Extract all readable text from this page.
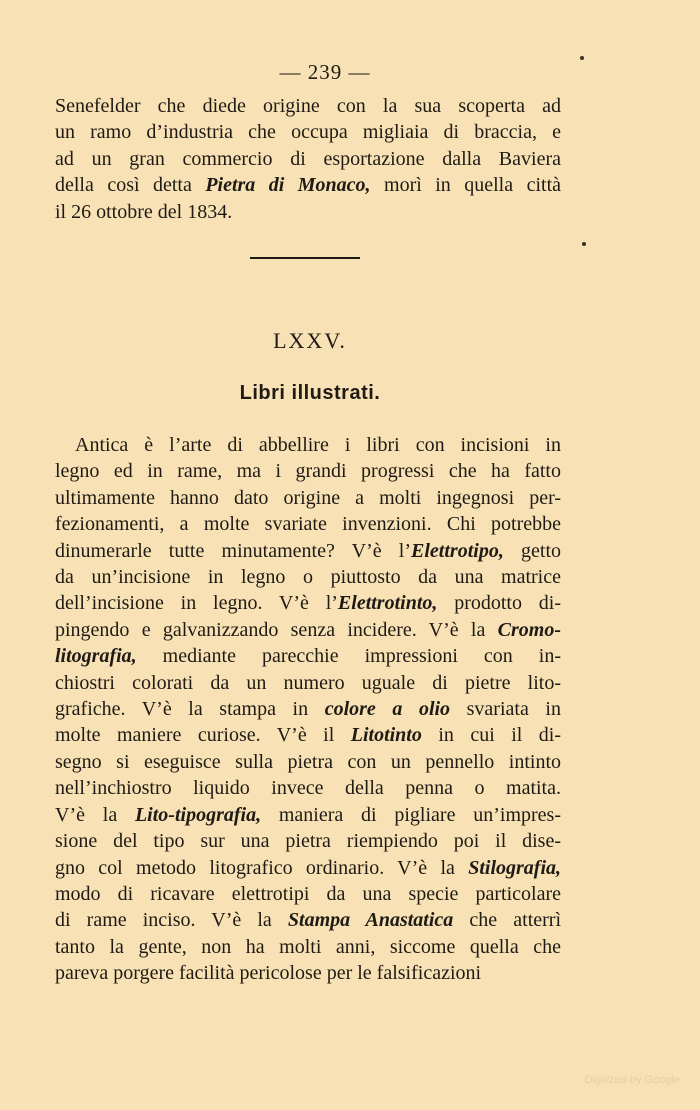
— 239 —
Senefelder che diede origine con la sua scoperta ad
un ramo d’industria che occupa migliaia di braccia, e
ad un gran commercio di esportazione dalla Baviera
della così detta Pietra di Monaco, morì in quella città
il 26 ottobre del 1834.
LXXV.
Libri illustrati.
Antica è l’arte di abbellire i libri con incisioni in
legno ed in rame, ma i grandi progressi che ha fatto
ultimamente hanno dato origine a molti ingegnosi per-
fezionamenti, a molte svariate invenzioni. Chi potrebbe
dinumerarle tutte minutamente? V’è l’Elettrotipo, getto
da un’incisione in legno o piuttosto da una matrice
dell’incisione in legno. V’è l’Elettrotinto, prodotto di-
pingendo e galvanizzando senza incidere. V’è la Cromo-
litografia, mediante parecchie impressioni con in-
chiostri colorati da un numero uguale di pietre lito-
grafiche. V’è la stampa in colore a olio svariata in
molte maniere curiose. V’è il Litotinto in cui il di-
segno si eseguisce sulla pietra con un pennello intinto
nell’inchiostro liquido invece della penna o matita.
V’è la Lito-tipografia, maniera di pigliare un’impres-
sione del tipo sur una pietra riempiendo poi il dise-
gno col metodo litografico ordinario. V’è la Stilografia,
modo di ricavare elettrotipi da una specie particolare
di rame inciso. V’è la Stampa Anastatica che atterrì
tanto la gente, non ha molti anni, siccome quella che
pareva porgere facilità pericolose per le falsificazioni
Digitized by Google
